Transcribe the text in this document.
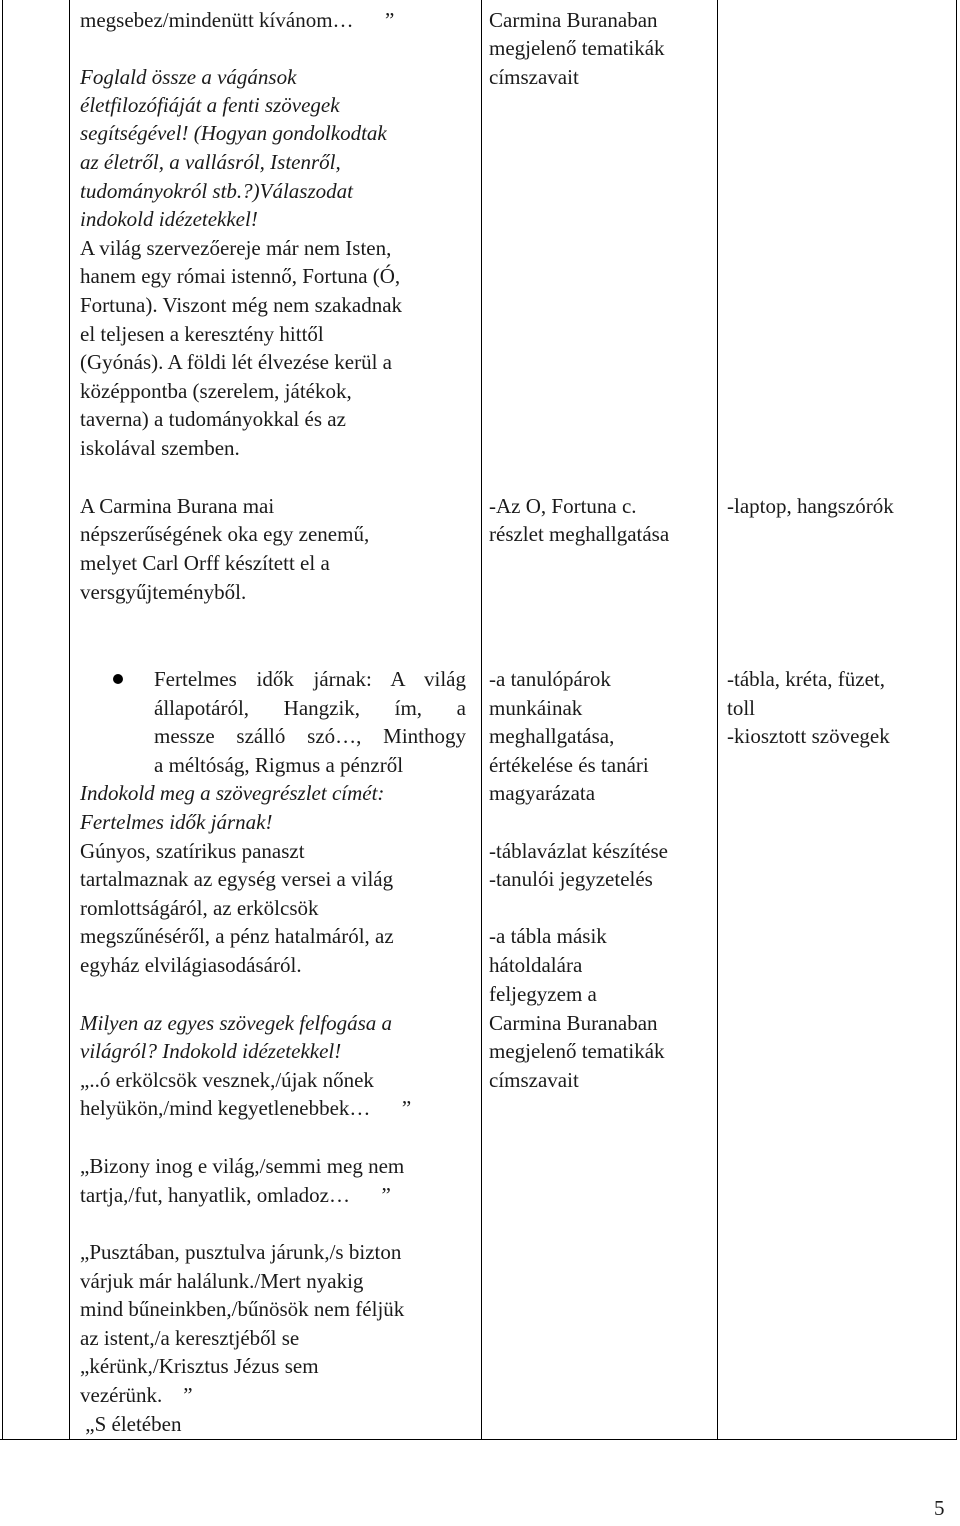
megsebez/mindenütt kívánom…      ”
Foglald össze a vágánsok
életfilozófiáját a fenti szövegek
segítségével! (Hogyan gondolkodtak
az életről, a vallásról, Istenről,
tudományokról stb.?)Válaszodat
indokold idézetekkel!
A világ szervezőereje már nem Isten,
hanem egy római istennő, Fortuna (Ó,
Fortuna). Viszont még nem szakadnak
el teljesen a keresztény hittől
(Gyónás). A földi lét élvezése kerül a
középpontba (szerelem, játékok,
taverna) a tudományokkal és az
iskolával szemben.
A Carmina Burana mai
népszerűségének oka egy zenemű,
melyet Carl Orff készített el a
versgyűjteményből.
Fertelmes idők járnak: A világ
állapotáról, Hangzik, ím, a
messze szálló szó…, Minthogy
a méltóság, Rigmus a pénzről
Indokold meg a szövegrészlet címét:
Fertelmes idők járnak!
Gúnyos, szatírikus panaszt
tartalmaznak az egység versei a világ
romlottságáról, az erkölcsök
megszűnéséről, a pénz hatalmáról, az
egyház elvilágiasodásáról.
Milyen az egyes szövegek felfogása a
világról? Indokold idézetekkel!
„..ó erkölcsök vesznek,/újak nőnek
helyükön,/mind kegyetlenebbek…      ”
„Bizony inog e világ,/semmi meg nem
tartja,/fut, hanyatlik, omladoz…      ”
„Pusztában, pusztulva járunk,/s bizton
várjuk már halálunk./Mert nyakig
mind bűneinkben,/bűnösök nem féljük
az istent,/a keresztjéből se
„kérünk,/Krisztus Jézus sem
vezérünk.    ”
„S életében
Carmina Buranaban
megjelenő tematikák
címszavait
-Az O, Fortuna c.
részlet meghallgatása
-a tanulópárok
munkáinak
meghallgatása,
értékelése és tanári
magyarázata
-táblavázlat készítése
-tanulói jegyzetelés
-a tábla másik
hátoldalára
feljegyzem a
Carmina Buranaban
megjelenő tematikák
címszavait
-laptop, hangszórók
-tábla, kréta, füzet,
toll
-kiosztott szövegek
5
